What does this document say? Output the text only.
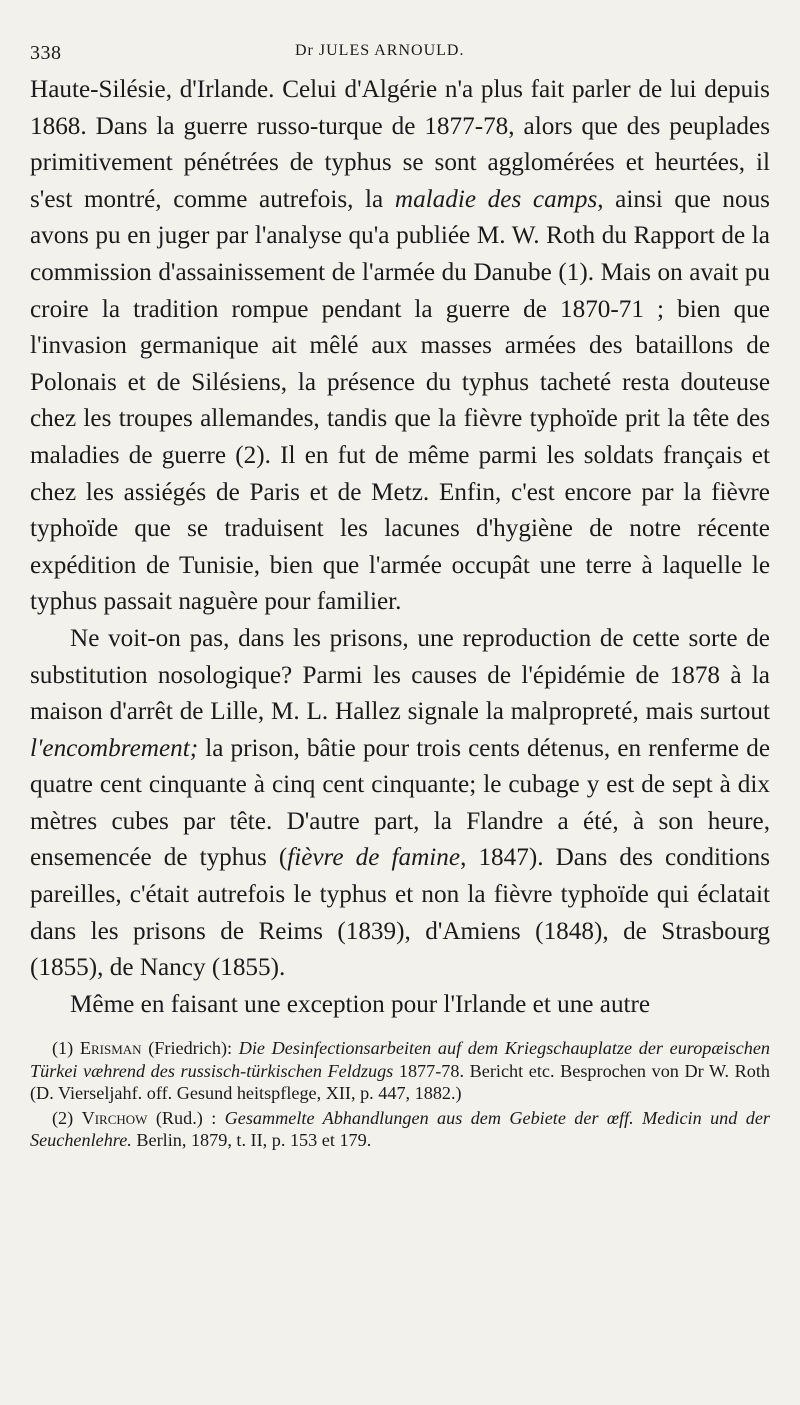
338	Dr JULES ARNOULD.

Haute-Silésie, d'Irlande. Celui d'Algérie n'a plus fait parler de lui depuis 1868. Dans la guerre russo-turque de 1877-78, alors que des peuplades primitivement pénétrées de typhus se sont agglomérées et heurtées, il s'est montré, comme autrefois, la maladie des camps, ainsi que nous avons pu en juger par l'analyse qu'a publiée M. W. Roth du Rapport de la commission d'assainissement de l'armée du Danube (1). Mais on avait pu croire la tradition rompue pendant la guerre de 1870-71 ; bien que l'invasion germanique ait mêlé aux masses armées des bataillons de Polonais et de Silésiens, la présence du typhus tacheté resta douteuse chez les troupes allemandes, tandis que la fièvre typhoïde prit la tête des maladies de guerre (2). Il en fut de même parmi les soldats français et chez les assiégés de Paris et de Metz. Enfin, c'est encore par la fièvre typhoïde que se traduisent les lacunes d'hygiène de notre récente expédition de Tunisie, bien que l'armée occupât une terre à laquelle le typhus passait naguère pour familier.

Ne voit-on pas, dans les prisons, une reproduction de cette sorte de substitution nosologique? Parmi les causes de l'épidémie de 1878 à la maison d'arrêt de Lille, M. L. Hallez signale la malpropreté, mais surtout l'encombrement; la prison, bâtie pour trois cents détenus, en renferme de quatre cent cinquante à cinq cent cinquante; le cubage y est de sept à dix mètres cubes par tête. D'autre part, la Flandre a été, à son heure, ensemencée de typhus (fièvre de famine, 1847). Dans des conditions pareilles, c'était autrefois le typhus et non la fièvre typhoïde qui éclatait dans les prisons de Reims (1839), d'Amiens (1848), de Strasbourg (1855), de Nancy (1855).

Même en faisant une exception pour l'Irlande et une autre

(1) Erisman (Friedrich): Die Desinfectionsarbeiten auf dem Kriegschauplatze der europæischen Türkei væhrend des russisch-türkischen Feldzugs 1877-78. Bericht etc. Besprochen von Dr W. Roth (D. Vierseljahf. off. Gesund heitspflege, XII, p. 447, 1882.)

(2) Virchow (Rud.) : Gesammelte Abhandlungen aus dem Gebiete der œff. Medicin und der Seuchenlehre. Berlin, 1879, t. II, p. 153 et 179.
